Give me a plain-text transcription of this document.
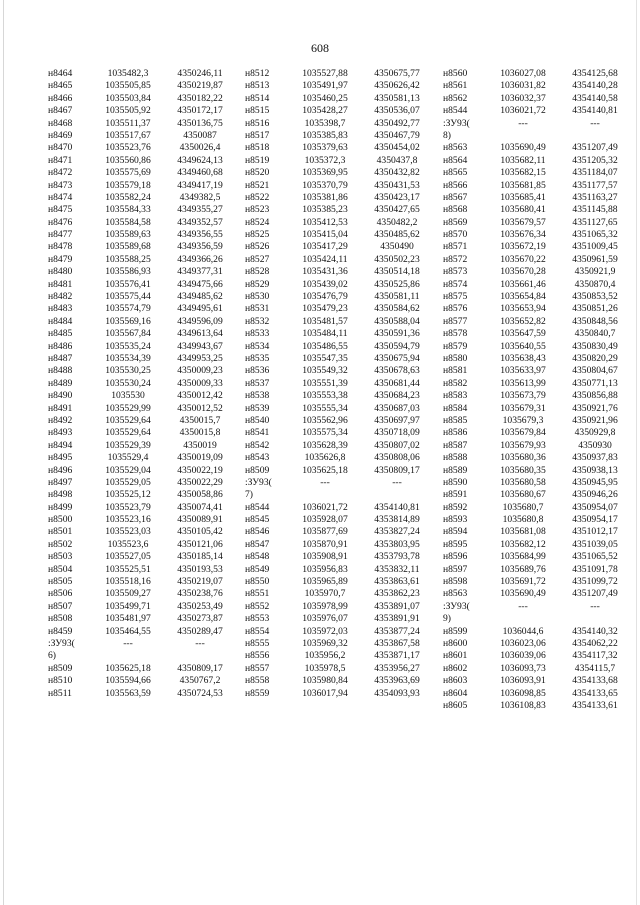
608
н8464	1035482,3	4350246,11
н8465	1035505,85	4350219,87
н8466	1035503,84	4350182,22
н8467	1035505,92	4350172,17
н8468	1035511,37	4350136,75
н8469	1035517,67	4350087
н8470	1035523,76	4350026,4
н8471	1035560,86	4349624,13
н8472	1035575,69	4349460,68
н8473	1035579,18	4349417,19
н8474	1035582,24	4349382,5
н8475	1035584,33	4349355,27
н8476	1035584,58	4349352,57
н8477	1035589,63	4349356,55
н8478	1035589,68	4349356,59
н8479	1035588,25	4349366,26
н8480	1035586,93	4349377,31
н8481	1035576,41	4349475,66
н8482	1035575,44	4349485,62
н8483	1035574,79	4349495,61
н8484	1035569,16	4349596,09
н8485	1035567,84	4349613,64
н8486	1035535,24	4349943,67
н8487	1035534,39	4349953,25
н8488	1035530,25	4350009,23
н8489	1035530,24	4350009,33
н8490	1035530	4350012,42
н8491	1035529,99	4350012,52
н8492	1035529,64	4350015,7
н8493	1035529,64	4350015,8
н8494	1035529,39	4350019
н8495	1035529,4	4350019,09
н8496	1035529,04	4350022,19
н8497	1035529,05	4350022,29
н8498	1035525,12	4350058,86
н8499	1035523,79	4350074,41
н8500	1035523,16	4350089,91
н8501	1035523,03	4350105,42
н8502	1035523,6	4350121,06
н8503	1035527,05	4350185,14
н8504	1035525,51	4350193,53
н8505	1035518,16	4350219,07
н8506	1035509,27	4350238,76
н8507	1035499,71	4350253,49
н8508	1035481,97	4350273,87
н8459	1035464,55	4350289,47
:ЗУ93(
6)
---	---
н8509	1035625,18	4350809,17
н8510	1035594,66	4350767,2
н8511	1035563,59	4350724,53
н8512	1035527,88	4350675,77
н8513	1035491,97	4350626,42
н8514	1035460,25	4350581,13
н8515	1035428,27	4350536,07
н8516	1035398,7	4350492,77
н8517	1035385,83	4350467,79
н8518	1035379,63	4350454,02
н8519	1035372,3	4350437,8
н8520	1035369,95	4350432,82
н8521	1035370,79	4350431,53
н8522	1035381,86	4350423,17
н8523	1035385,23	4350427,65
н8524	1035412,53	4350482,2
н8525	1035415,04	4350485,62
н8526	1035417,29	4350490
н8527	1035424,11	4350502,23
н8528	1035431,36	4350514,18
н8529	1035439,02	4350525,86
н8530	1035476,79	4350581,11
н8531	1035479,23	4350584,62
н8532	1035481,57	4350588,04
н8533	1035484,11	4350591,36
н8534	1035486,55	4350594,79
н8535	1035547,35	4350675,94
н8536	1035549,32	4350678,63
н8537	1035551,39	4350681,44
н8538	1035553,38	4350684,23
н8539	1035555,34	4350687,03
н8540	1035562,96	4350697,97
н8541	1035575,34	4350718,09
н8542	1035628,39	4350807,02
н8543	1035626,8	4350808,06
н8509	1035625,18	4350809,17
:ЗУ93(
7)
---	---
н8544	1036021,72	4354140,81
н8545	1035928,07	4353814,89
н8546	1035877,69	4353827,24
н8547	1035870,91	4353803,95
н8548	1035908,91	4353793,78
н8549	1035956,83	4353832,11
н8550	1035965,89	4353863,61
н8551	1035970,7	4353862,23
н8552	1035978,99	4353891,07
н8553	1035976,07	4353891,91
н8554	1035972,03	4353877,24
н8555	1035969,32	4353867,58
н8556	1035956,2	4353871,17
н8557	1035978,5	4353956,27
н8558	1035980,84	4353963,69
н8559	1036017,94	4354093,93
н8560	1036027,08	4354125,68
н8561	1036031,82	4354140,28
н8562	1036032,37	4354140,58
н8544	1036021,72	4354140,81
:ЗУ93(
8)
---	---
н8563	1035690,49	4351207,49
н8564	1035682,11	4351205,32
н8565	1035682,15	4351184,07
н8566	1035681,85	4351177,57
н8567	1035685,41	4351163,27
н8568	1035680,41	4351145,88
н8569	1035679,57	4351127,65
н8570	1035676,34	4351065,32
н8571	1035672,19	4351009,45
н8572	1035670,22	4350961,59
н8573	1035670,28	4350921,9
н8574	1035661,46	4350870,4
н8575	1035654,84	4350853,52
н8576	1035653,94	4350851,26
н8577	1035652,82	4350848,56
н8578	1035647,59	4350840,7
н8579	1035640,55	4350830,49
н8580	1035638,43	4350820,29
н8581	1035633,97	4350804,67
н8582	1035613,99	4350771,13
н8583	1035673,79	4350856,88
н8584	1035679,31	4350921,76
н8585	1035679,3	4350921,96
н8586	1035679,84	4350929,8
н8587	1035679,93	4350930
н8588	1035680,36	4350937,83
н8589	1035680,35	4350938,13
н8590	1035680,58	4350945,95
н8591	1035680,67	4350946,26
н8592	1035680,7	4350954,07
н8593	1035680,8	4350954,17
н8594	1035681,08	4351012,17
н8595	1035682,12	4351039,05
н8596	1035684,99	4351065,52
н8597	1035689,76	4351091,78
н8598	1035691,72	4351099,72
н8563	1035690,49	4351207,49
:ЗУ93(
9)
---	---
н8599	1036044,6	4354140,32
н8600	1036023,06	4354062,22
н8601	1036039,06	4354117,32
н8602	1036093,73	4354115,7
н8603	1036093,91	4354133,68
н8604	1036098,85	4354133,65
н8605	1036108,83	4354133,61
